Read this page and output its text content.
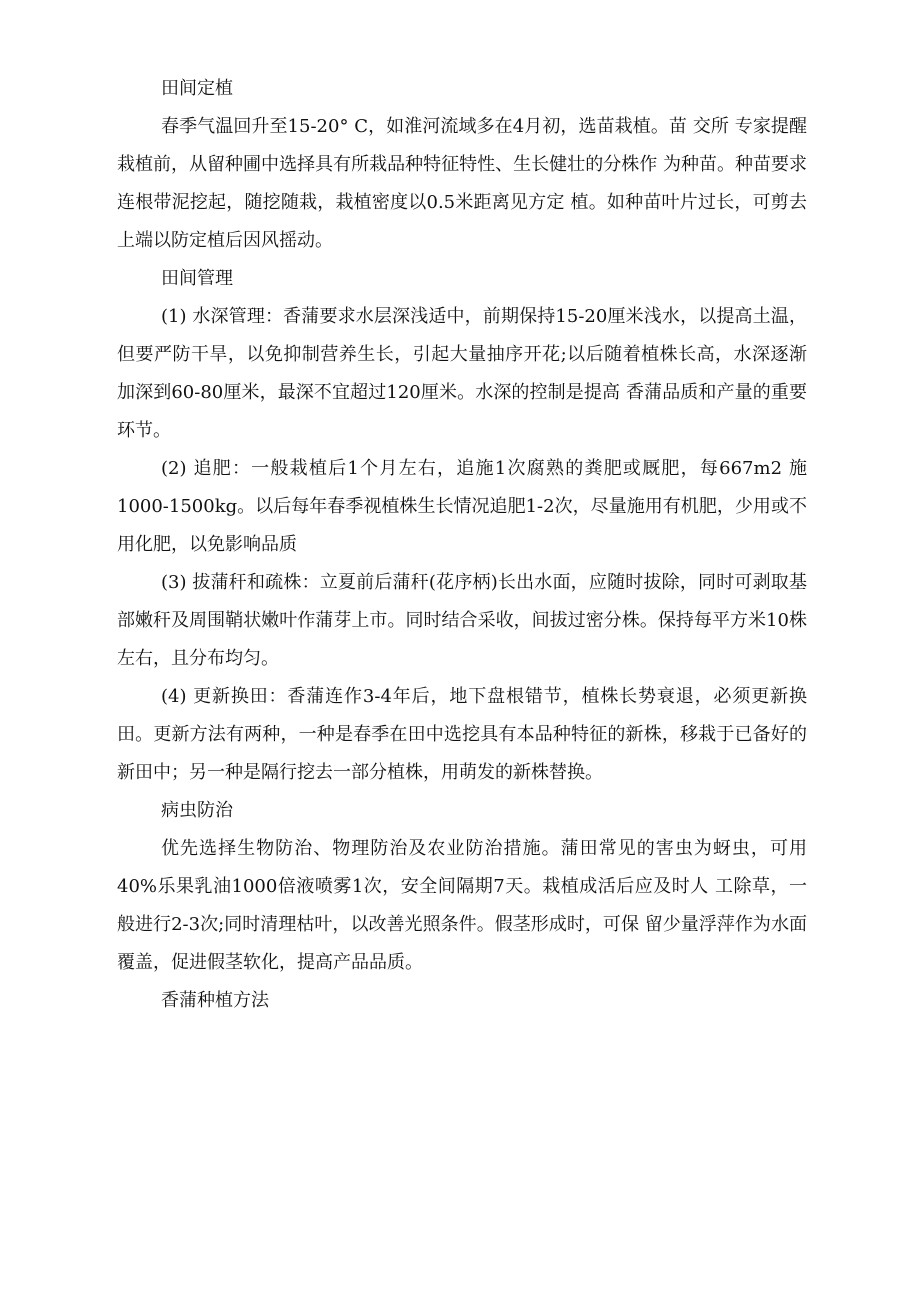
田间定植

春季气温回升至15-20° C，如淮河流域多在4月初，选苗栽植。苗 交所 专家提醒栽植前，从留种圃中选择具有所栽品种特征特性、生长健壮的分株作 为种苗。种苗要求连根带泥挖起，随挖随栽，栽植密度以0.5米距离见方定 植。如种苗叶片过长，可剪去上端以防定植后因风摇动。

田间管理

(1) 水深管理：香蒲要求水层深浅适中，前期保持15-20厘米浅水，以提高土温，但要严防干旱，以免抑制营养生长，引起大量抽序开花;以后随着植株长高，水深逐渐加深到60-80厘米，最深不宜超过120厘米。水深的控制是提高 香蒲品质和产量的重要环节。

(2) 追肥：一般栽植后1个月左右，追施1次腐熟的粪肥或厩肥，每667m2 施1000-1500kg。以后每年春季视植株生长情况追肥1-2次，尽量施用有机肥，少用或不用化肥，以免影响品质

(3) 拔蒲秆和疏株：立夏前后蒲秆(花序柄)长出水面，应随时拔除，同时可剥取基部嫩秆及周围鞘状嫩叶作蒲芽上市。同时结合采收，间拔过密分株。保持每平方米10株左右，且分布均匀。

(4) 更新换田：香蒲连作3-4年后，地下盘根错节，植株长势衰退，必须更新换田。更新方法有两种，一种是春季在田中选挖具有本品种特征的新株，移栽于已备好的新田中；另一种是隔行挖去一部分植株，用萌发的新株替换。

病虫防治

优先选择生物防治、物理防治及农业防治措施。蒲田常见的害虫为蚜虫，可用40%乐果乳油1000倍液喷雾1次，安全间隔期7天。栽植成活后应及时人 工除草，一般进行2-3次;同时清理枯叶，以改善光照条件。假茎形成时，可保 留少量浮萍作为水面覆盖，促进假茎软化，提高产品品质。

香蒲种植方法
